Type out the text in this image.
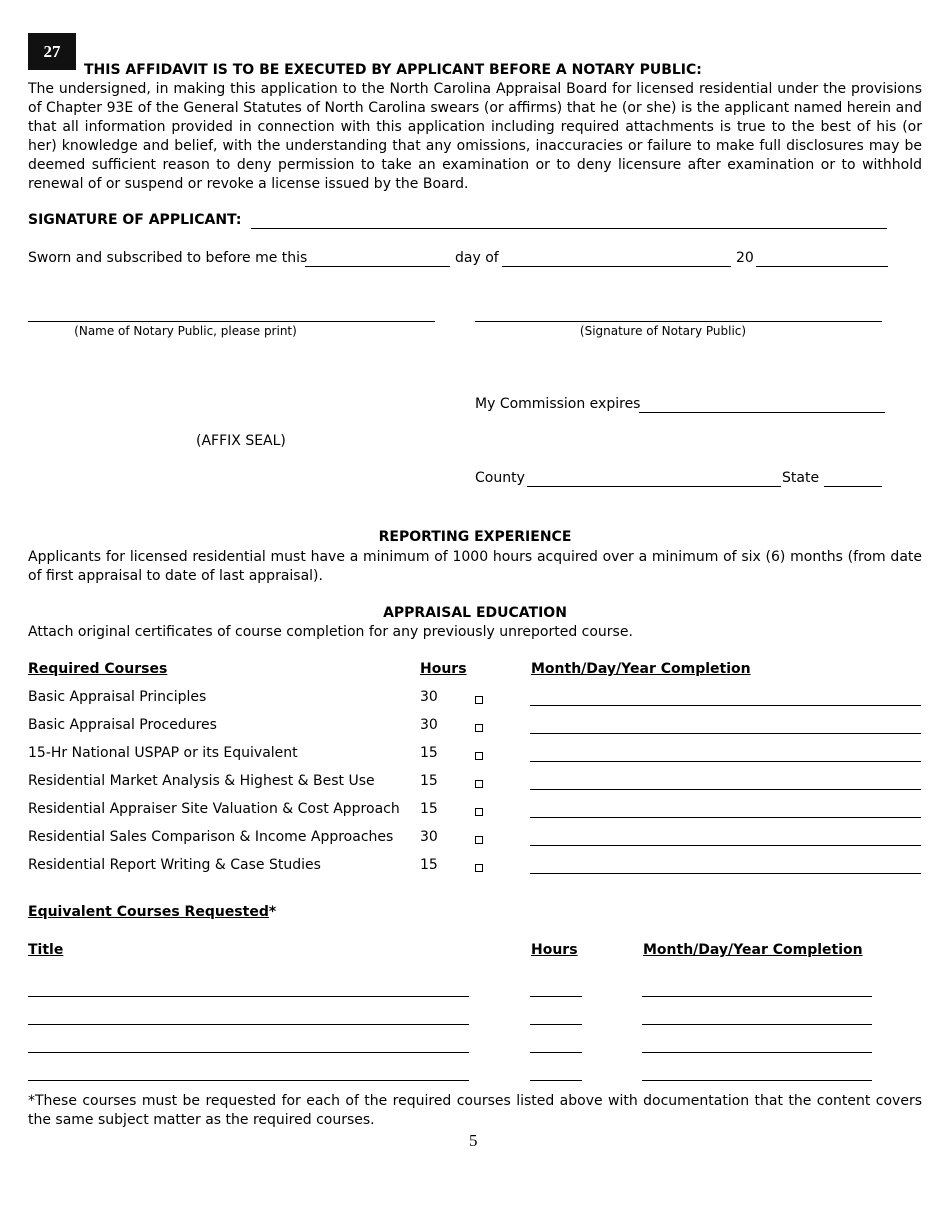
27
THIS AFFIDAVIT IS TO BE EXECUTED BY APPLICANT BEFORE A NOTARY PUBLIC:

The undersigned, in making this application to the North Carolina Appraisal Board for licensed residential under the provisions of Chapter 93E of the General Statutes of North Carolina swears (or affirms) that he (or she) is the applicant named herein and that all information provided in connection with this application including required attachments is true to the best of his (or her) knowledge and belief, with the understanding that any omissions, inaccuracies or failure to make full disclosures may be deemed sufficient reason to deny permission to take an examination or to deny licensure after examination or to withhold renewal of or suspend or revoke a license issued by the Board.

SIGNATURE OF APPLICANT:
Sworn and subscribed to before me this	day of	20
(Name of Notary Public, please print)	(Signature of Notary Public)
My Commission expires
(AFFIX SEAL)
County	State
REPORTING EXPERIENCE

Applicants for licensed residential must have a minimum of 1000 hours acquired over a minimum of six (6) months (from date of first appraisal to date of last appraisal).

APPRAISAL EDUCATION
Attach original certificates of course completion for any previously unreported course.
Required Courses	Hours	Month/Day/Year Completion
Basic Appraisal Principles	30
Basic Appraisal Procedures	30
15-Hr National USPAP or its Equivalent	15
Residential Market Analysis & Highest & Best Use	15
Residential Appraiser Site Valuation & Cost Approach 15
Residential Sales Comparison & Income Approaches 30
Residential Report Writing & Case Studies	15
Equivalent Courses Requested*
Title	Hours	Month/Day/Year Completion

*These courses must be requested for each of the required courses listed above with documentation that the content covers the same subject matter as the required courses.

5
